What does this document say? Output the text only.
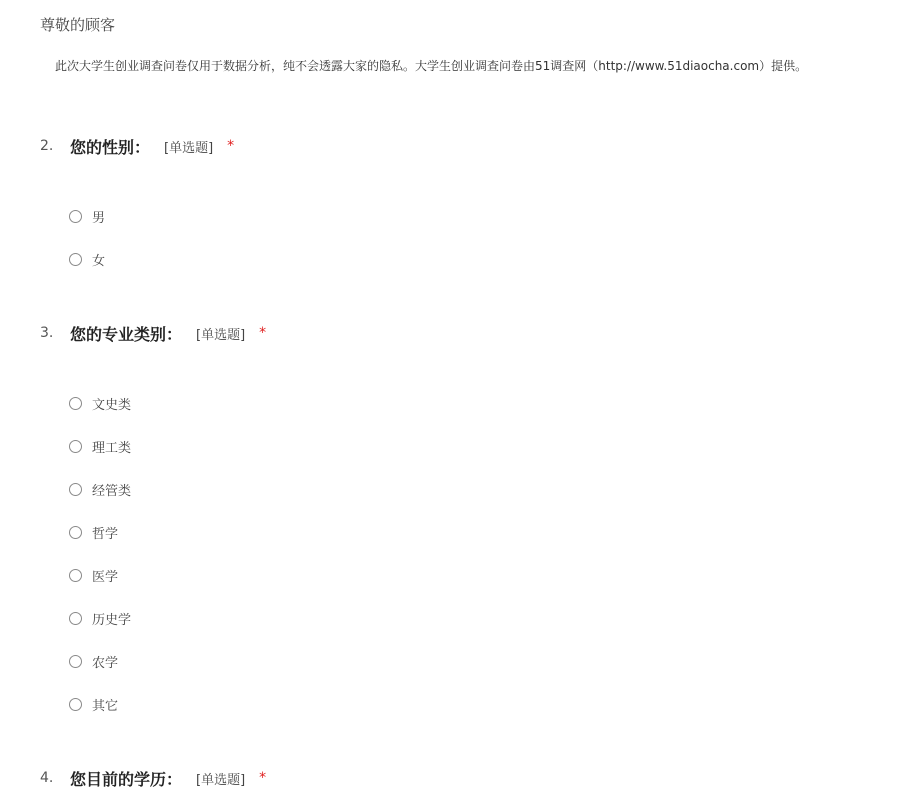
尊敬的顾客
此次大学生创业调查问卷仅用于数据分析，纯不会透露大家的隐私。大学生创业调查问卷由51调查网（http://www.51diaocha.com）提供。
2.	您的性别： [单选题] *
男
女
3.	您的专业类别： [单选题] *
文史类
理工类
经管类
哲学
医学
历史学
农学
其它
4.	您目前的学历： [单选题] *
